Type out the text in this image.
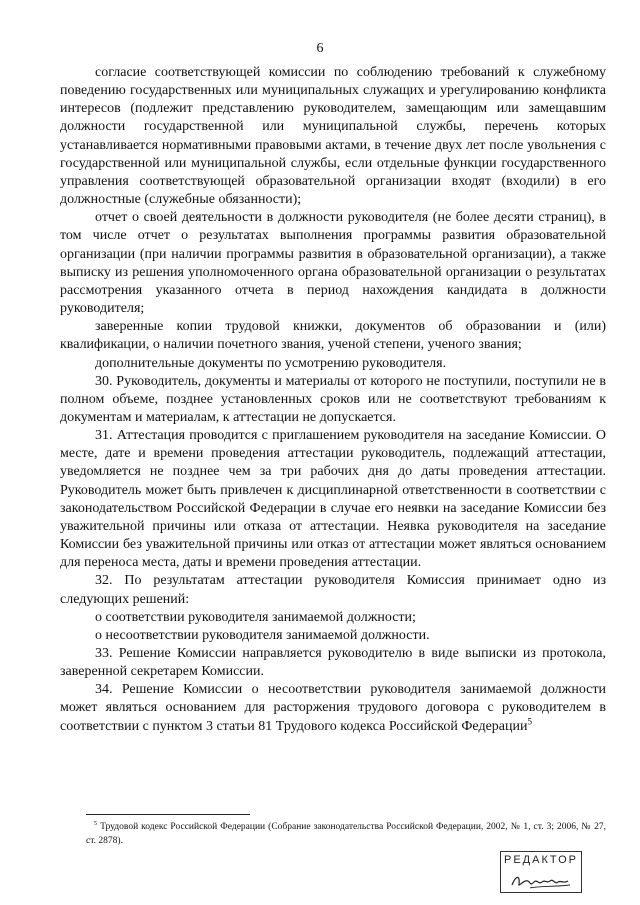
6

согласие соответствующей комиссии по соблюдению требований к служебному поведению государственных или муниципальных служащих и урегулированию конфликта интересов (подлежит представлению руководителем, замещающим или замещавшим должности государственной или муниципальной службы, перечень которых устанавливается нормативными правовыми актами, в течение двух лет после увольнения с государственной или муниципальной службы, если отдельные функции государственного управления соответствующей образовательной организации входят (входили) в его должностные (служебные обязанности);

отчет о своей деятельности в должности руководителя (не более десяти страниц), в том числе отчет о результатах выполнения программы развития образовательной организации (при наличии программы развития в образовательной организации), а также выписку из решения уполномоченного органа образовательной организации о результатах рассмотрения указанного отчета в период нахождения кандидата в должности руководителя;

заверенные копии трудовой книжки, документов об образовании и (или) квалификации, о наличии почетного звания, ученой степени, ученого звания;

дополнительные документы по усмотрению руководителя.

30. Руководитель, документы и материалы от которого не поступили, поступили не в полном объеме, позднее установленных сроков или не соответствуют требованиям к документам и материалам, к аттестации не допускается.

31. Аттестация проводится с приглашением руководителя на заседание Комиссии. О месте, дате и времени проведения аттестации руководитель, подлежащий аттестации, уведомляется не позднее чем за три рабочих дня до даты проведения аттестации. Руководитель может быть привлечен к дисциплинарной ответственности в соответствии с законодательством Российской Федерации в случае его неявки на заседание Комиссии без уважительной причины или отказа от аттестации. Неявка руководителя на заседание Комиссии без уважительной причины или отказ от аттестации может являться основанием для переноса места, даты и времени проведения аттестации.

32. По результатам аттестации руководителя Комиссия принимает одно из следующих решений:

о соответствии руководителя занимаемой должности;

о несоответствии руководителя занимаемой должности.

33. Решение Комиссии направляется руководителю в виде выписки из протокола, заверенной секретарем Комиссии.

34. Решение Комиссии о несоответствии руководителя занимаемой должности может являться основанием для расторжения трудового договора с руководителем в соответствии с пунктом 3 статьи 81 Трудового кодекса Российской Федерации$^5$

$^5$ Трудовой кодекс Российской Федерации (Собрание законодательства Российской Федерации, 2002, № 1, ст. 3; 2006, № 27, ст. 2878).
РЕДАКТОР
